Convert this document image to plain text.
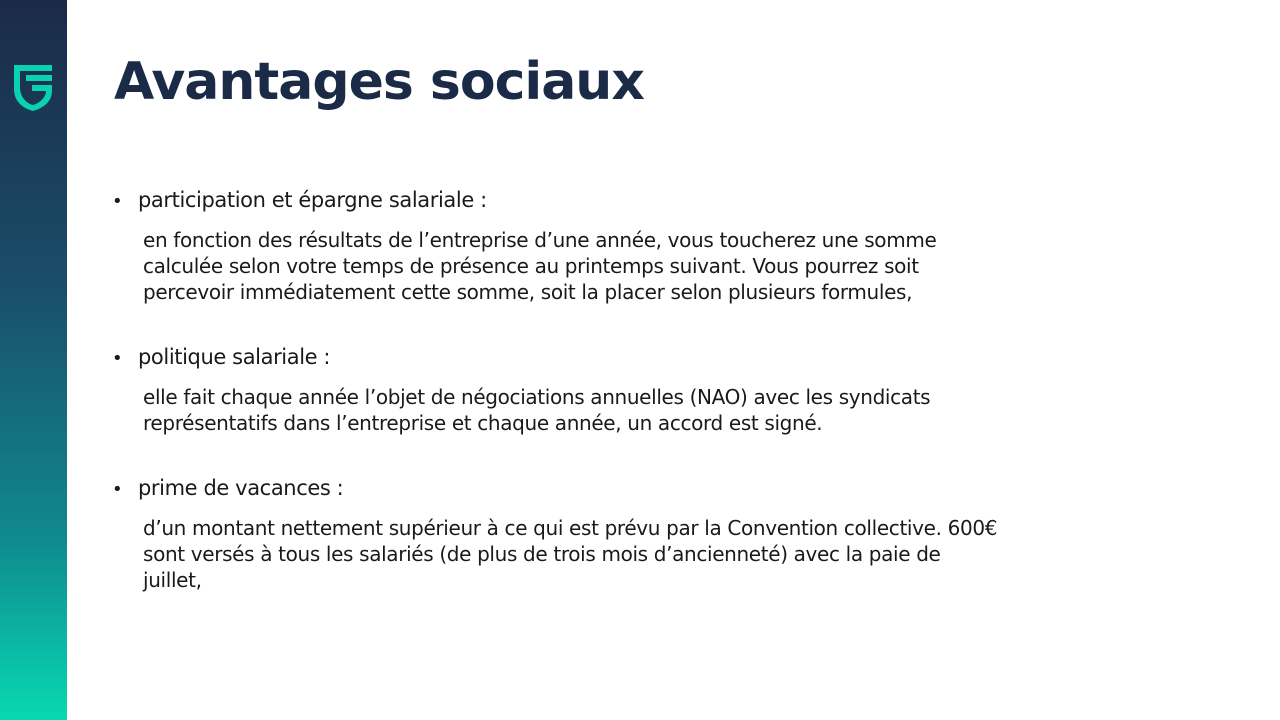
Avantages sociaux
• participation et épargne salariale :
en fonction des résultats de l’entreprise d’une année, vous toucherez une somme
calculée selon votre temps de présence au printemps suivant. Vous pourrez soit
percevoir immédiatement cette somme, soit la placer selon plusieurs formules,
• politique salariale :
elle fait chaque année l’objet de négociations annuelles (NAO) avec les syndicats
représentatifs dans l’entreprise et chaque année, un accord est signé.
• prime de vacances :
d’un montant nettement supérieur à ce qui est prévu par la Convention collective. 600€
sont versés à tous les salariés (de plus de trois mois d’ancienneté) avec la paie de
juillet,
